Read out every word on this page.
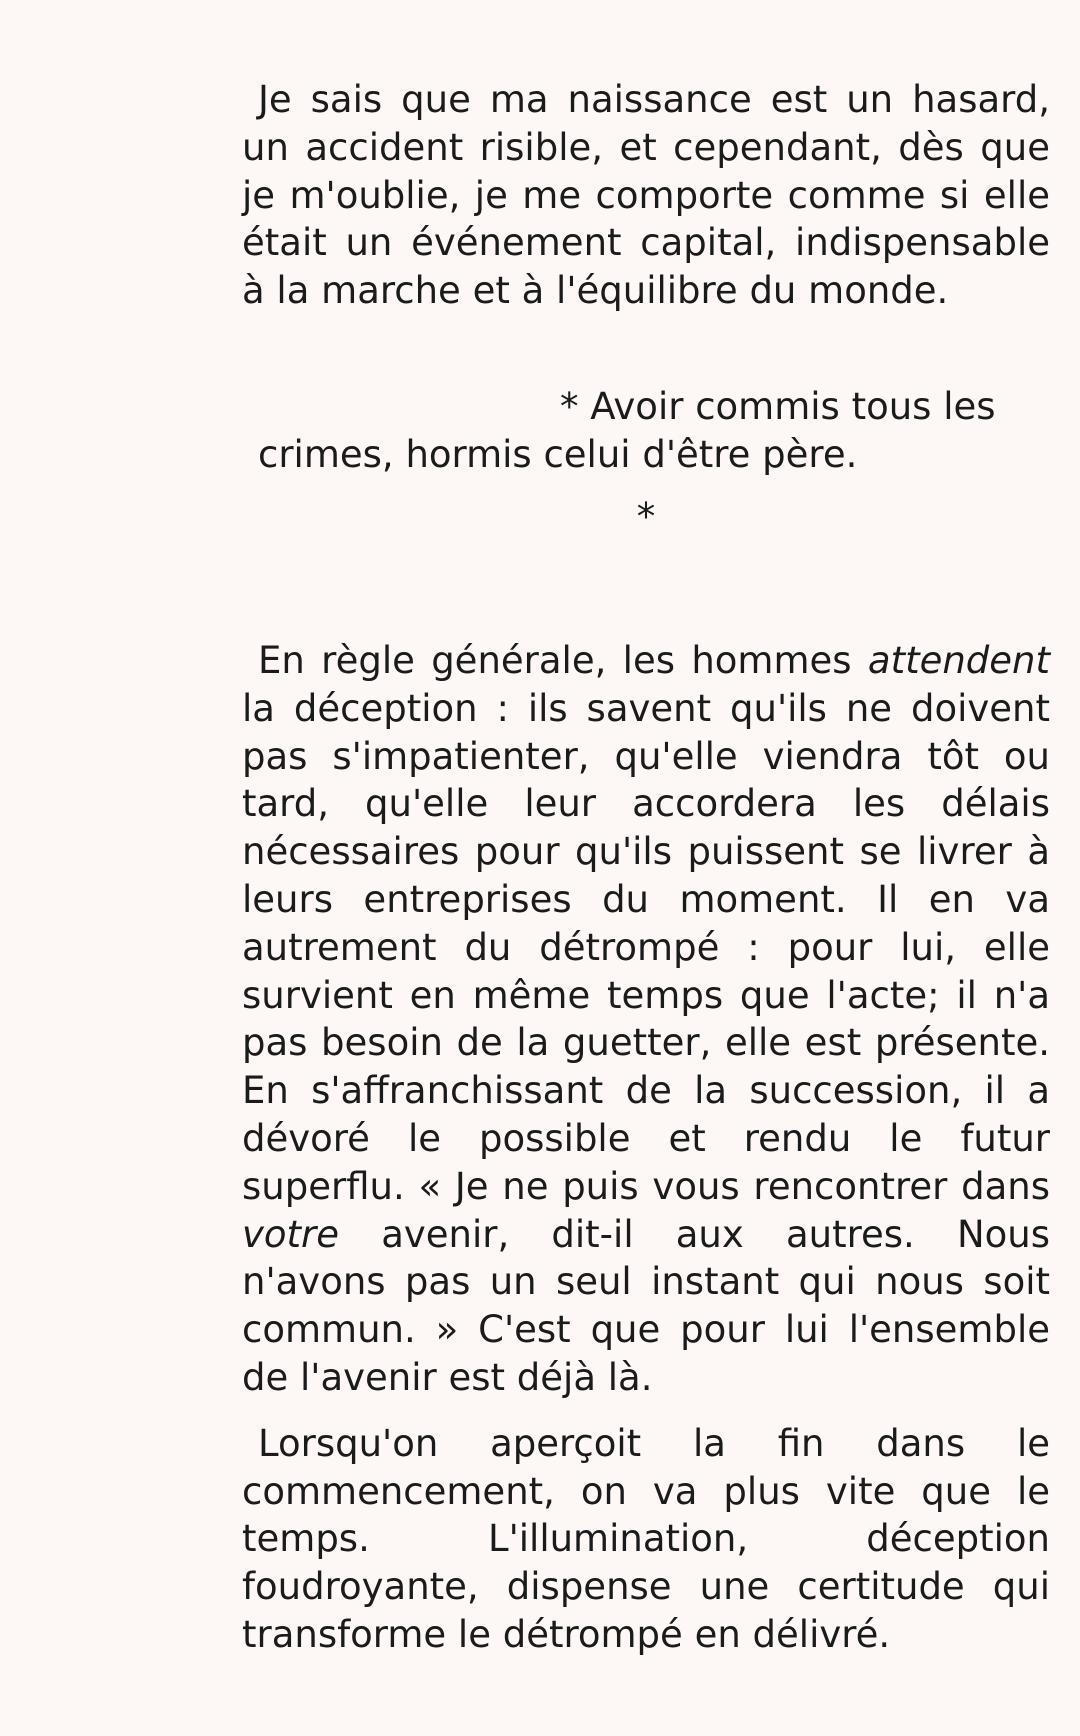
Je sais que ma naissance est un hasard, un accident risible, et cependant, dès que je m'oublie, je me comporte comme si elle était un événement capital, indispensable à la marche et à l'équilibre du monde.

* Avoir commis tous les
crimes, hormis celui d'être père.
*

En règle générale, les hommes attendent la déception : ils savent qu'ils ne doivent pas s'impatienter, qu'elle viendra tôt ou tard, qu'elle leur accordera les délais nécessaires pour qu'ils puissent se livrer à leurs entreprises du moment. Il en va autrement du détrompé : pour lui, elle survient en même temps que l'acte; il n'a pas besoin de la guetter, elle est présente. En s'affranchissant de la succession, il a dévoré le possible et rendu le futur superflu. « Je ne puis vous rencontrer dans votre avenir, dit-il aux autres. Nous n'avons pas un seul instant qui nous soit commun. » C'est que pour lui l'ensemble de l'avenir est déjà là.

Lorsqu'on aperçoit la fin dans le commencement, on va plus vite que le temps. L'illumination, déception foudroyante, dispense une certitude qui transforme le détrompé en délivré.
